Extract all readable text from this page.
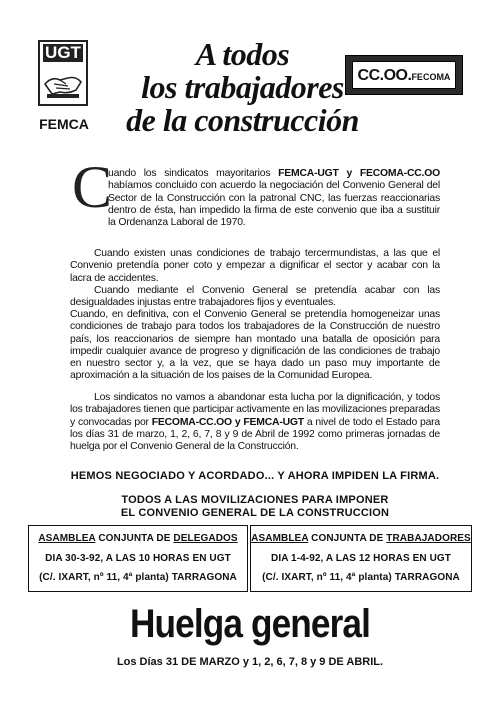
UGT
FEMCA
A todos
los trabajadores
de la construcción
CC.OO.FECOMA
C
uando los sindicatos mayoritarios FEMCA-UGT y FECOMA-CC.OO habíamos concluido con acuerdo la negociación del Convenio General del Sector de la Construcción con la patronal CNC, las fuerzas reaccionarias dentro de ésta, han impedido la firma de este convenio que iba a sustituir la Ordenanza Laboral de 1970.
Cuando existen unas condiciones de trabajo tercermundistas, a las que el Convenio pretendía poner coto y empezar a dignificar el sector y acabar con la lacra de accidentes.
Cuando mediante el Convenio General se pretendía acabar con las desigualdades injustas entre trabajadores fijos y eventuales.
Cuando, en definitiva, con el Convenio General se pretendía homogeneizar unas condiciones de trabajo para todos los trabajadores de la Construcción de nuestro país, los reaccionarios de siempre han montado una batalla de oposición para impedir cualquier avance de progreso y dignificación de las condiciones de trabajo en nuestro sector y, a la vez, que se haya dado un paso muy importante de aproximación a la situación de los paises de la Comunidad Europea.
Los sindicatos no vamos a abandonar esta lucha por la dignificación, y todos los trabajadores tienen que participar activamente en las movilizaciones preparadas y convocadas por FECOMA-CC.OO y FEMCA-UGT a nivel de todo el Estado para los días 31 de marzo, 1, 2, 6, 7, 8 y 9 de Abril de 1992 como primeras jornadas de huelga por el Convenio General de la Construcción.
HEMOS NEGOCIADO Y ACORDADO... Y AHORA IMPIDEN LA FIRMA.
TODOS A LAS MOVILIZACIONES PARA IMPONER
EL CONVENIO GENERAL DE LA CONSTRUCCION
ASAMBLEA CONJUNTA DE DELEGADOS
DIA 30-3-92, A LAS 10 HORAS EN UGT
(C/. IXART, nº 11, 4ª planta) TARRAGONA
ASAMBLEA CONJUNTA DE TRABAJADORES
DIA 1-4-92, A LAS 12 HORAS EN UGT
(C/. IXART, nº 11, 4ª planta) TARRAGONA
Huelga general
Los Días 31 DE MARZO y 1, 2, 6, 7, 8 y 9 DE ABRIL.
